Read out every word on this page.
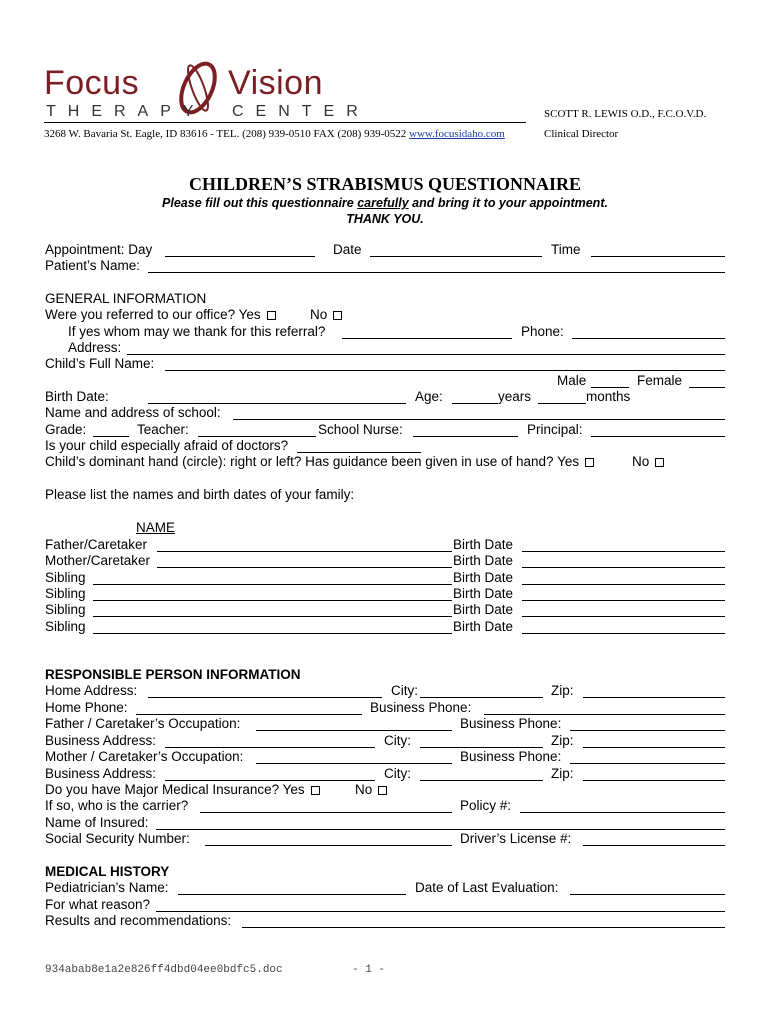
Focus	Vision
THERAPY CENTER	SCOTT R. LEWIS O.D., F.C.O.V.D.
3268 W. Bavaria St. Eagle, ID 83616 - TEL. (208) 939-0510 FAX (208) 939-0522 www.focusidaho.com	Clinical Director
CHILDREN’S STRABISMUS QUESTIONNAIRE
Please fill out this questionnaire carefully and bring it to your appointment.
THANK YOU.
Appointment: Day	Date	Time
Patient’s Name:
GENERAL INFORMATION
Were you referred to our office? Yes	No
If yes whom may we thank for this referral?	Phone:
Address:
Child’s Full Name:
Male	Female
Birth Date:	Age:	years	months
Name and address of school:
Grade:	Teacher:	School Nurse:	Principal:
Is your child especially afraid of doctors?
Child’s dominant hand (circle): right or left? Has guidance been given in use of hand? Yes	No
Please list the names and birth dates of your family:
NAME
Father/Caretaker	Birth Date
Mother/Caretaker	Birth Date
Sibling	Birth Date
Sibling	Birth Date
Sibling	Birth Date
Sibling	Birth Date
RESPONSIBLE PERSON INFORMATION
Home Address:	City:	Zip:
Home Phone:	Business Phone:
Father / Caretaker’s Occupation:	Business Phone:
Business Address:	City:	Zip:
Mother / Caretaker’s Occupation:	Business Phone:
Business Address:	City:	Zip:
Do you have Major Medical Insurance? Yes	No
If so, who is the carrier?	Policy #:
Name of Insured:
Social Security Number:	Driver’s License #:
MEDICAL HISTORY
Pediatrician’s Name:	Date of Last Evaluation:
For what reason?
Results and recommendations:
934abab8e1a2e826ff4dbd04ee0bdfc5.doc	- 1 -
